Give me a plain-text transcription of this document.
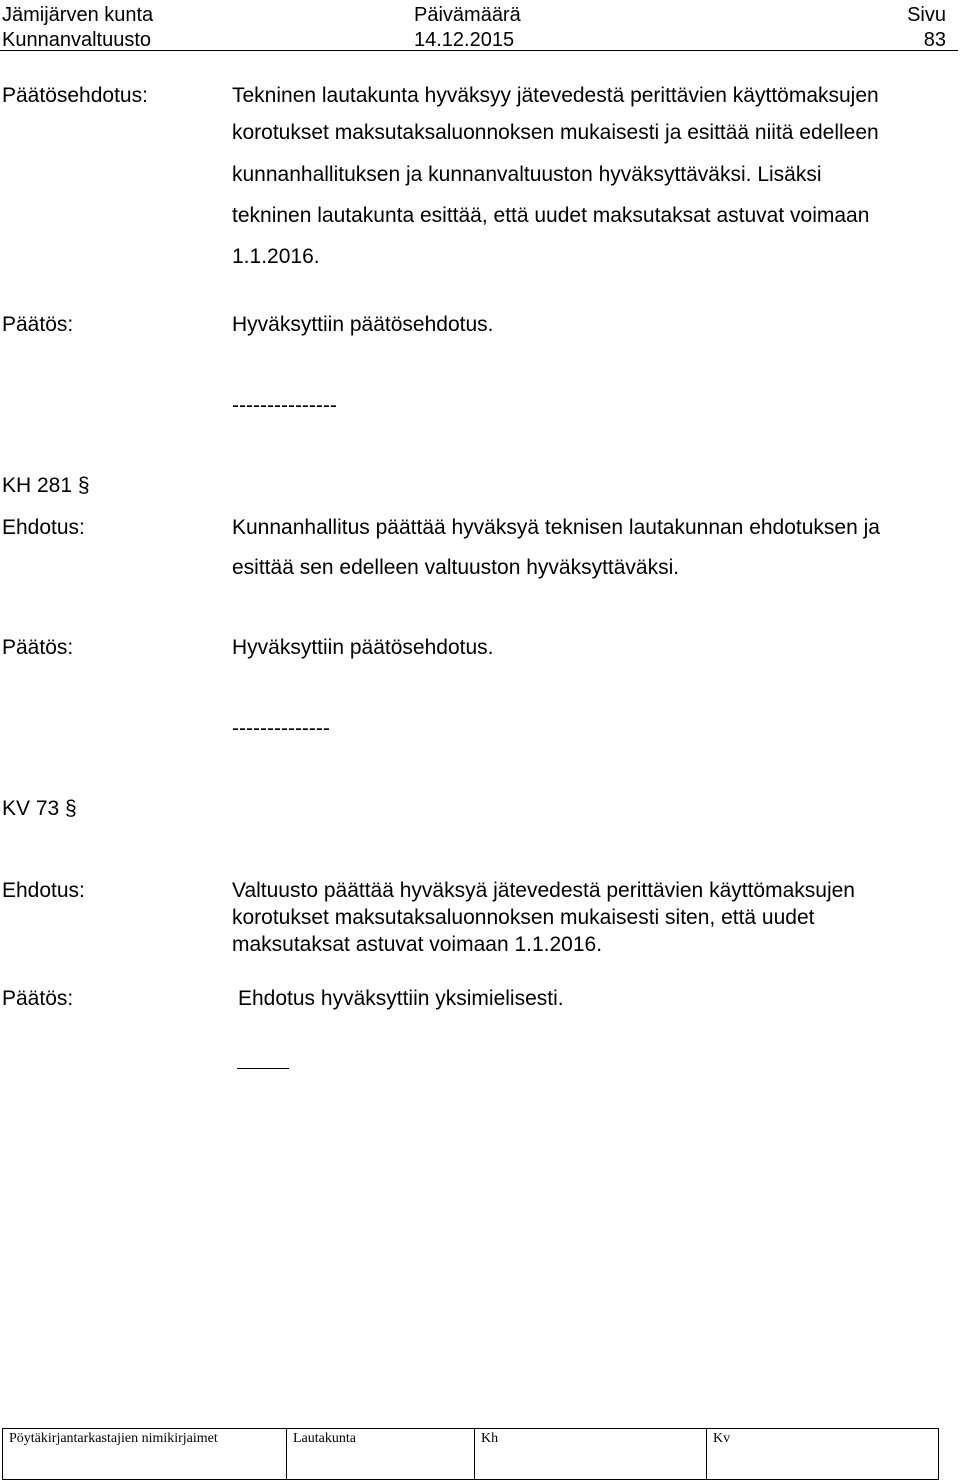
Jämijärven kunta
Kunnanvaltuusto
Päivämäärä
14.12.2015
Sivu
83
Päätösehdotus:	Tekninen lautakunta hyväksyy jätevedestä perittävien käyttömaksujen
korotukset maksutaksaluonnoksen mukaisesti ja esittää niitä edelleen
kunnanhallituksen ja kunnanvaltuuston hyväksyttäväksi. Lisäksi
tekninen lautakunta esittää, että uudet maksutaksat astuvat voimaan
1.1.2016.
Päätös:	Hyväksyttiin päätösehdotus.
---------------
KH 281 §
Ehdotus:	Kunnanhallitus päättää hyväksyä teknisen lautakunnan ehdotuksen ja
esittää sen edelleen valtuuston hyväksyttäväksi.
Päätös:	Hyväksyttiin päätösehdotus.
--------------
KV 73 §
Ehdotus:	Valtuusto päättää hyväksyä jätevedestä perittävien käyttömaksujen
korotukset maksutaksaluonnoksen mukaisesti siten, että uudet
maksutaksat astuvat voimaan 1.1.2016.
Päätös:	Ehdotus hyväksyttiin yksimielisesti.
Pöytäkirjantarkastajien nimikirjaimet	Lautakunta	Kh	Kv
